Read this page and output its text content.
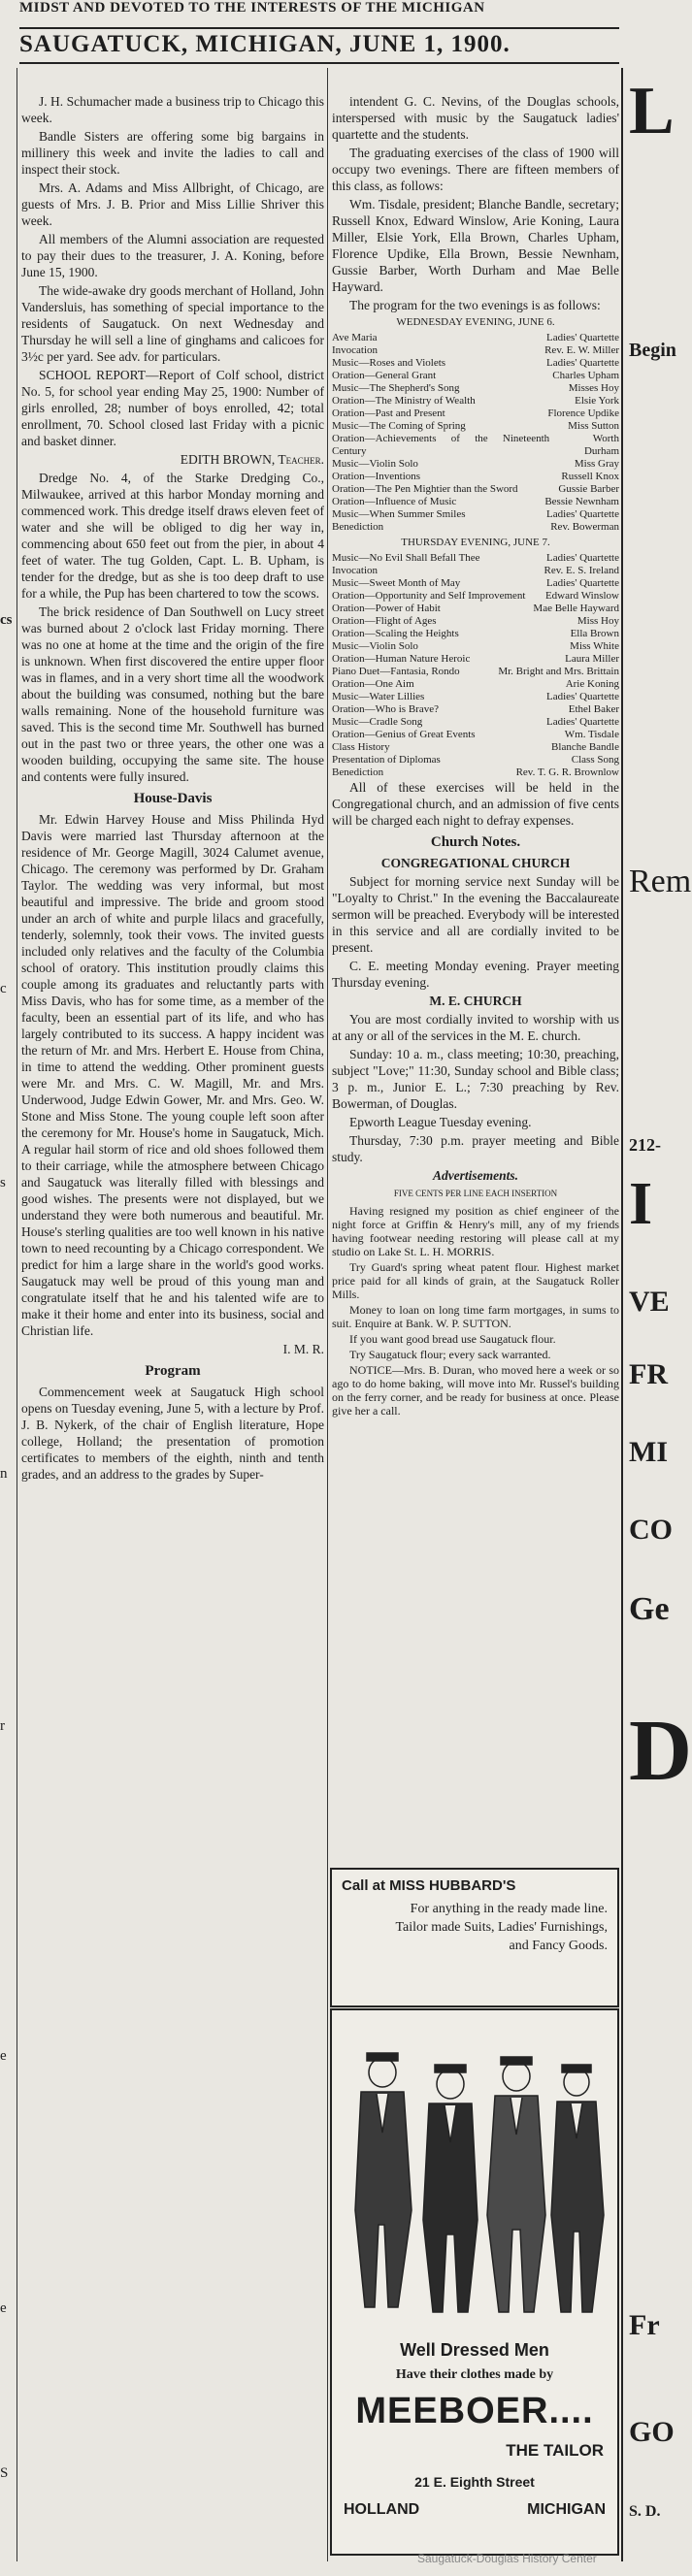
MIDST AND DEVOTED TO THE INTERESTS OF THE MICHIGAN
SAUGATUCK, MICHIGAN, JUNE 1, 1900.
cs
c
s
n
r
e
e
S

J. H. Schumacher made a business trip to Chicago this week.

Bandle Sisters are offering some big bargains in millinery this week and invite the ladies to call and inspect their stock.

Mrs. A. Adams and Miss Allbright, of Chicago, are guests of Mrs. J. B. Prior and Miss Lillie Shriver this week.

All members of the Alumni association are requested to pay their dues to the treasurer, J. A. Koning, before June 15, 1900.

The wide-awake dry goods merchant of Holland, John Vandersluis, has something of special importance to the residents of Saugatuck. On next Wednesday and Thursday he will sell a line of ginghams and calicoes for 3½c per yard. See adv. for particulars.

SCHOOL REPORT—Report of Colf school, district No. 5, for school year ending May 25, 1900: Number of girls enrolled, 28; number of boys enrolled, 42; total enrollment, 70. School closed last Friday with a picnic and basket dinner.

EDITH BROWN, Teacher.

Dredge No. 4, of the Starke Dredging Co., Milwaukee, arrived at this harbor Monday morning and commenced work. This dredge itself draws eleven feet of water and she will be obliged to dig her way in, commencing about 650 feet out from the pier, in about 4 feet of water. The tug Golden, Capt. L. B. Upham, is tender for the dredge, but as she is too deep draft to use for a while, the Pup has been chartered to tow the scows.

The brick residence of Dan Southwell on Lucy street was burned about 2 o'clock last Friday morning. There was no one at home at the time and the origin of the fire is unknown. When first discovered the entire upper floor was in flames, and in a very short time all the woodwork about the building was consumed, nothing but the bare walls remaining. None of the household furniture was saved. This is the second time Mr. Southwell has burned out in the past two or three years, the other one was a wooden building, occupying the same site. The house and contents were fully insured.

House-Davis

Mr. Edwin Harvey House and Miss Philinda Hyd Davis were married last Thursday afternoon at the residence of Mr. George Magill, 3024 Calumet avenue, Chicago. The ceremony was performed by Dr. Graham Taylor. The wedding was very informal, but most beautiful and impressive. The bride and groom stood under an arch of white and purple lilacs and gracefully, tenderly, solemnly, took their vows. The invited guests included only relatives and the faculty of the Columbia school of oratory. This institution proudly claims this couple among its graduates and reluctantly parts with Miss Davis, who has for some time, as a member of the faculty, been an essential part of its life, and who has largely contributed to its success. A happy incident was the return of Mr. and Mrs. Herbert E. House from China, in time to attend the wedding. Other prominent guests were Mr. and Mrs. C. W. Magill, Mr. and Mrs. Underwood, Judge Edwin Gower, Mr. and Mrs. Geo. W. Stone and Miss Stone. The young couple left soon after the ceremony for Mr. House's home in Saugatuck, Mich. A regular hail storm of rice and old shoes followed them to their carriage, while the atmosphere between Chicago and Saugatuck was literally filled with blessings and good wishes. The presents were not displayed, but we understand they were both numerous and beautiful. Mr. House's sterling qualities are too well known in his native town to need recounting by a Chicago correspondent. We predict for him a large share in the world's good works. Saugatuck may well be proud of this young man and congratulate itself that he and his talented wife are to make it their home and enter into its business, social and Christian life.

I. M. R.

Program

Commencement week at Saugatuck High school opens on Tuesday evening, June 5, with a lecture by Prof. J. B. Nykerk, of the chair of English literature, Hope college, Holland; the presentation of promotion certificates to members of the eighth, ninth and tenth grades, and an address to the grades by Super-

intendent G. C. Nevins, of the Douglas schools, interspersed with music by the Saugatuck ladies' quartette and the students.

The graduating exercises of the class of 1900 will occupy two evenings. There are fifteen members of this class, as follows:

Wm. Tisdale, president; Blanche Bandle, secretary; Russell Knox, Edward Winslow, Arie Koning, Laura Miller, Elsie York, Ella Brown, Charles Upham, Florence Updike, Ella Brown, Bessie Newnham, Gussie Barber, Worth Durham and Mae Belle Hayward.

The program for the two evenings is as follows:

WEDNESDAY EVENING, JUNE 6.
Ave Maria	Ladies' Quartette
Invocation	Rev. E. W. Miller
Music—Roses and Violets	Ladies' Quartette
Oration—General Grant	Charles Upham
Music—The Shepherd's Song	Misses Hoy
Oration—The Ministry of Wealth	Elsie York
Oration—Past and Present	Florence Updike
Music—The Coming of Spring	Miss Sutton
Oration—Achievements of the Nineteenth Century
Worth Durham
Music—Violin Solo	Miss Gray
Oration—Inventions	Russell Knox
Oration—The Pen Mightier than the Sword	Gussie Barber
Oration—Influence of Music	Bessie Newnham
Music—When Summer Smiles	Ladies' Quartette
Benediction	Rev. Bowerman
THURSDAY EVENING, JUNE 7.
Music—No Evil Shall Befall Thee	Ladies' Quartette
Invocation	Rev. E. S. Ireland
Music—Sweet Month of May	Ladies' Quartette
Oration—Opportunity and Self Improvement Edward Winslow
Oration—Power of Habit	Mae Belle Hayward
Oration—Flight of Ages	Miss Hoy
Oration—Scaling the Heights	Ella Brown
Music—Violin Solo	Miss White
Oration—Human Nature Heroic	Laura Miller
Piano Duet—Fantasia, Rondo	Mr. Bright and Mrs. Brittain
Oration—One Aim	Arie Koning
Music—Water Lillies	Ladies' Quartette
Oration—Who is Brave?	Ethel Baker
Music—Cradle Song	Ladies' Quartette
Oration—Genius of Great Events	Wm. Tisdale
Class History	Blanche Bandle
Presentation of Diplomas	Class Song
Benediction	Rev. T. G. R. Brownlow

All of these exercises will be held in the Congregational church, and an admission of five cents will be charged each night to defray expenses.

Church Notes.

CONGREGATIONAL CHURCH

Subject for morning service next Sunday will be "Loyalty to Christ." In the evening the Baccalaureate sermon will be preached. Everybody will be interested in this service and all are cordially invited to be present.

C. E. meeting Monday evening. Prayer meeting Thursday evening.

M. E. CHURCH

You are most cordially invited to worship with us at any or all of the services in the M. E. church.

Sunday: 10 a. m., class meeting; 10:30, preaching, subject "Love;" 11:30, Sunday school and Bible class; 3 p. m., Junior E. L.; 7:30 preaching by Rev. Bowerman, of Douglas.

Epworth League Tuesday evening.

Thursday, 7:30 p.m. prayer meeting and Bible study.

Advertisements.

FIVE CENTS PER LINE EACH INSERTION

Having resigned my position as chief engineer of the night force at Griffin & Henry's mill, any of my friends having footwear needing restoring will please call at my studio on Lake St. L. H. MORRIS.

Try Guard's spring wheat patent flour. Highest market price paid for all kinds of grain, at the Saugatuck Roller Mills.

Money to loan on long time farm mortgages, in sums to suit. Enquire at Bank. W. P. SUTTON.

If you want good bread use Saugatuck flour.

Try Saugatuck flour; every sack warranted.

NOTICE—Mrs. B. Duran, who moved here a week or so ago to do home baking, will move into Mr. Russel's building on the ferry corner, and be ready for business at once. Please give her a call.

Call at MISS HUBBARD'S
For anything in the ready made line. Tailor made Suits, Ladies' Furnishings, and Fancy Goods.
Well Dressed Men
Have their clothes made by
MEEBOER....
THE TAILOR
21 E. Eighth Street
HOLLAND	MICHIGAN
L
Begin
Rem
212-
I
VE
FR
MI
CO
Ge
D
Fr
GO
S. D.
Saugatuck-Douglas History Center
